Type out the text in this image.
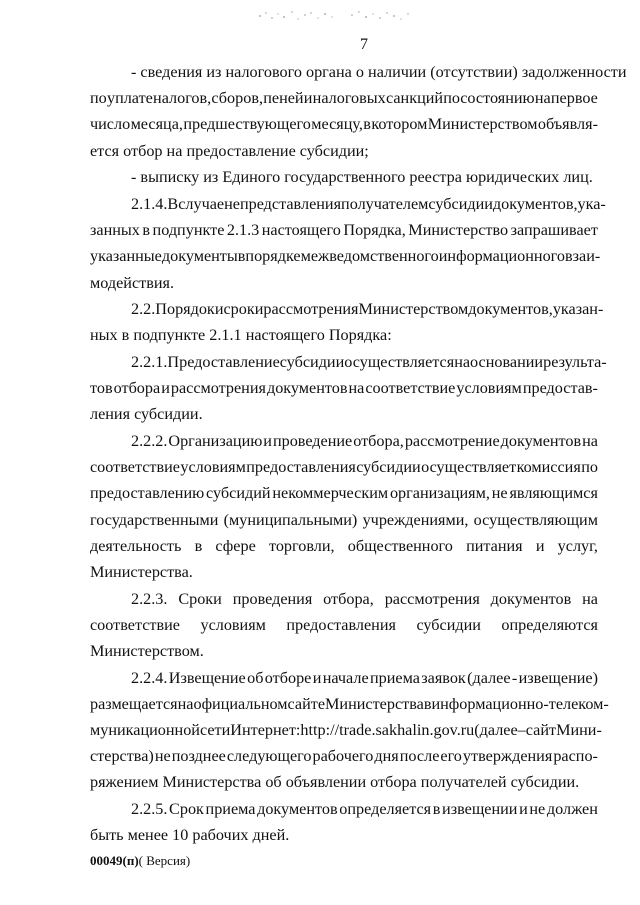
7
- сведения из налогового органа о наличии (отсутствии) задолженности
по уплате налогов, сборов, пеней и налоговых санкций по состоянию на первое
число месяца, предшествующего месяцу, в котором Министерством объявля-
ется отбор на предоставление субсидии;
- выписку из Единого государственного реестра юридических лиц.
2.1.4. В случае непредставления получателем субсидии документов, ука-
занных в подпункте 2.1.3 настоящего Порядка, Министерство запрашивает
указанные документы в порядке межведомственного информационного взаи-
модействия.
2.2. Порядок и сроки рассмотрения Министерством документов, указан-
ных в подпункте 2.1.1 настоящего Порядка:
2.2.1. Предоставление субсидии осуществляется на основании результа-
тов отбора и рассмотрения документов на соответствие условиям предостав-
ления субсидии.
2.2.2. Организацию и проведение отбора, рассмотрение документов на
соответствие условиям предоставления субсидии осуществляет комиссия по
предоставлению субсидий некоммерческим организациям, не являющимся
государственными (муниципальными) учреждениями, осуществляющим
деятельность в сфере торговли, общественного питания и услуг,
Министерства.
2.2.3. Сроки проведения отбора, рассмотрения документов на
соответствие условиям предоставления субсидии определяются
Министерством.
2.2.4. Извещение об отборе и начале приема заявок (далее - извещение)
размещается на официальном сайте Министерства в информационно-телеком-
муникационной сети Интернет: http://trade.sakhalin.gov.ru (далее – сайт Мини-
стерства) не позднее следующего рабочего дня после его утверждения распо-
ряжением Министерства об объявлении отбора получателей субсидии.
2.2.5. Срок приема документов определяется в извещении и не должен
быть менее 10 рабочих дней.
00049(п)( Версия)
